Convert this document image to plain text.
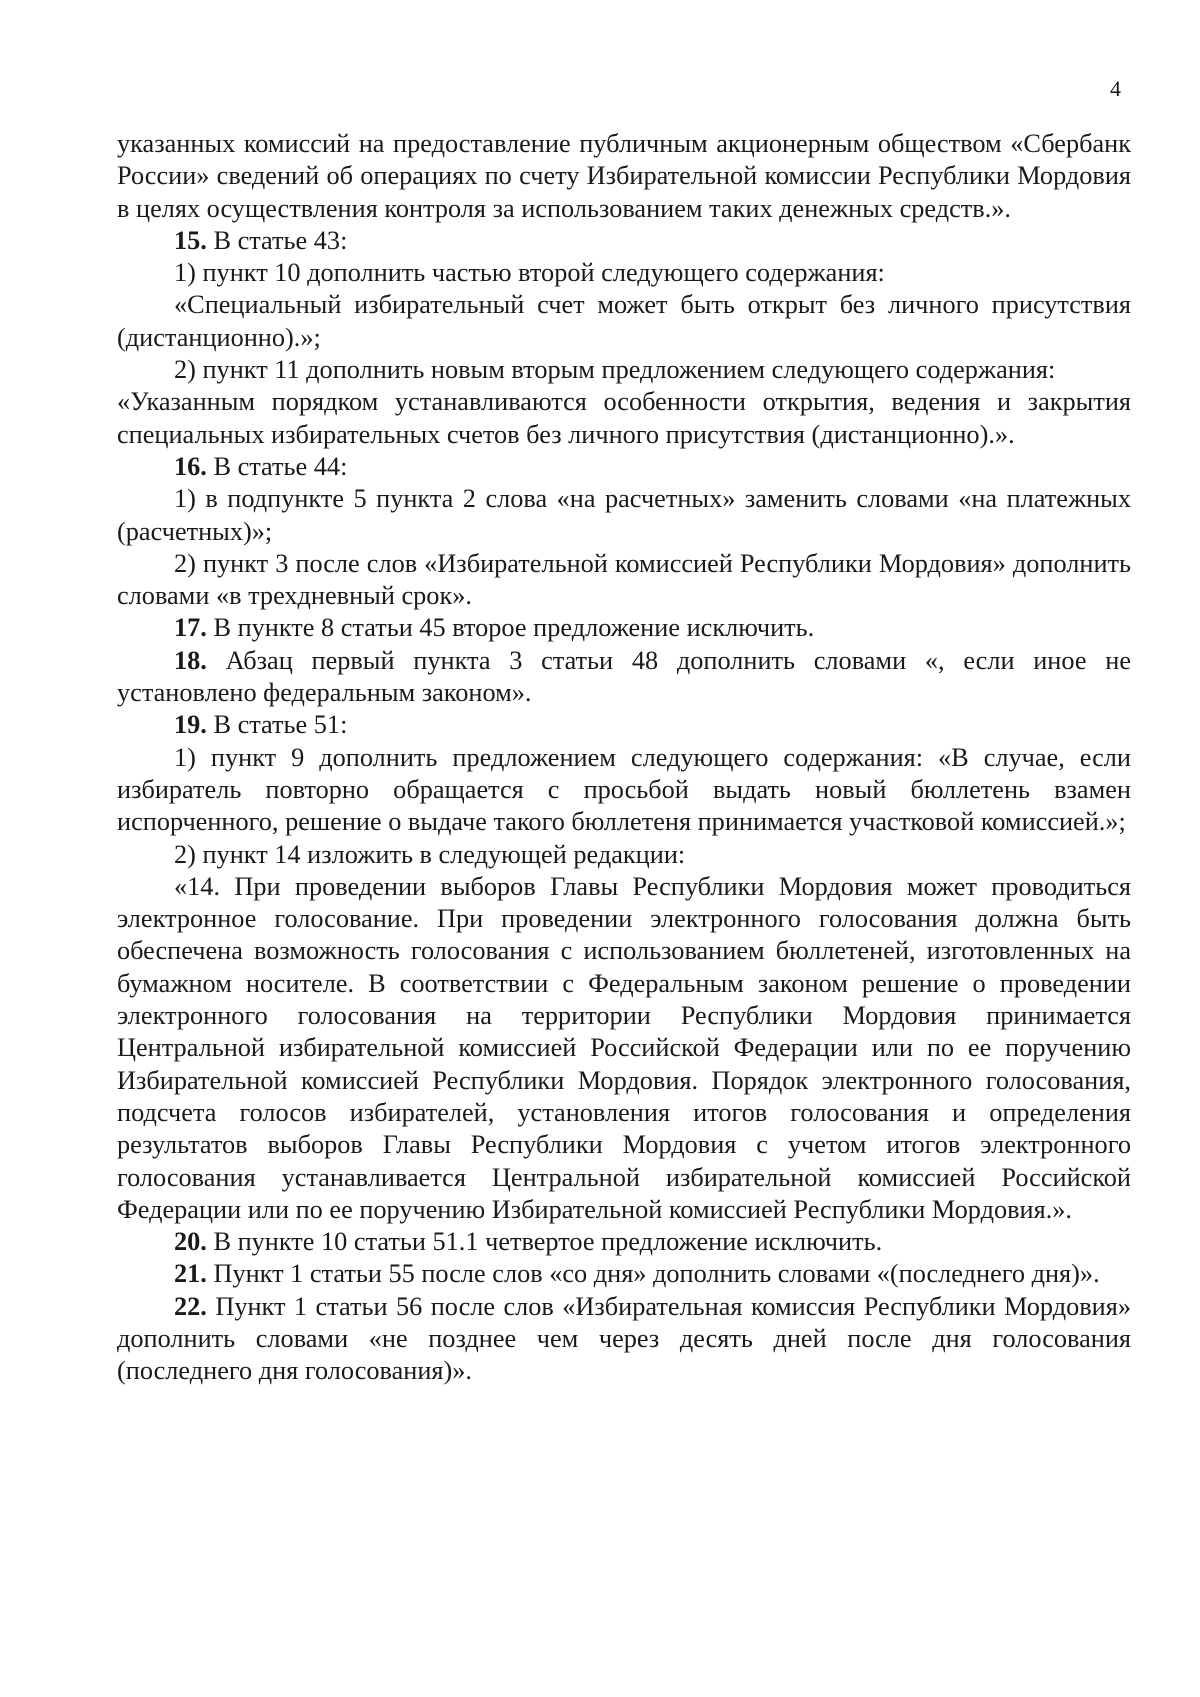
4

указанных комиссий на предоставление публичным акционерным обществом «Сбербанк России» сведений об операциях по счету Избирательной комиссии Республики Мордовия в целях осуществления контроля за использованием таких денежных средств.».

15. В статье 43:

1) пункт 10 дополнить частью второй следующего содержания:

«Специальный избирательный счет может быть открыт без личного присутствия (дистанционно).»;

2) пункт 11 дополнить новым вторым предложением следующего содержания:

«Указанным порядком устанавливаются особенности открытия, ведения и закрытия специальных избирательных счетов без личного присутствия (дистанционно).».

16. В статье 44:

1) в подпункте 5 пункта 2 слова «на расчетных» заменить словами «на платежных (расчетных)»;

2) пункт 3 после слов «Избирательной комиссией Республики Мордовия» дополнить словами «в трехдневный срок».

17. В пункте 8 статьи 45 второе предложение исключить.

18. Абзац первый пункта 3 статьи 48 дополнить словами «, если иное не установлено федеральным законом».

19. В статье 51:

1) пункт 9 дополнить предложением следующего содержания: «В случае, если избиратель повторно обращается с просьбой выдать новый бюллетень взамен испорченного, решение о выдаче такого бюллетеня принимается участковой комиссией.»;

2) пункт 14 изложить в следующей редакции:

«14. При проведении выборов Главы Республики Мордовия может проводиться электронное голосование. При проведении электронного голосования должна быть обеспечена возможность голосования с использованием бюллетеней, изготовленных на бумажном носителе. В соответствии с Федеральным законом решение о проведении электронного голосования на территории Республики Мордовия принимается Центральной избирательной комиссией Российской Федерации или по ее поручению Избирательной комиссией Республики Мордовия. Порядок электронного голосования, подсчета голосов избирателей, установления итогов голосования и определения результатов выборов Главы Республики Мордовия с учетом итогов электронного голосования устанавливается Центральной избирательной комиссией Российской Федерации или по ее поручению Избирательной комиссией Республики Мордовия.».

20. В пункте 10 статьи 51.1 четвертое предложение исключить.

21. Пункт 1 статьи 55 после слов «со дня» дополнить словами «(последнего дня)».

22. Пункт 1 статьи 56 после слов «Избирательная комиссия Республики Мордовия» дополнить словами «не позднее чем через десять дней после дня голосования (последнего дня голосования)».
